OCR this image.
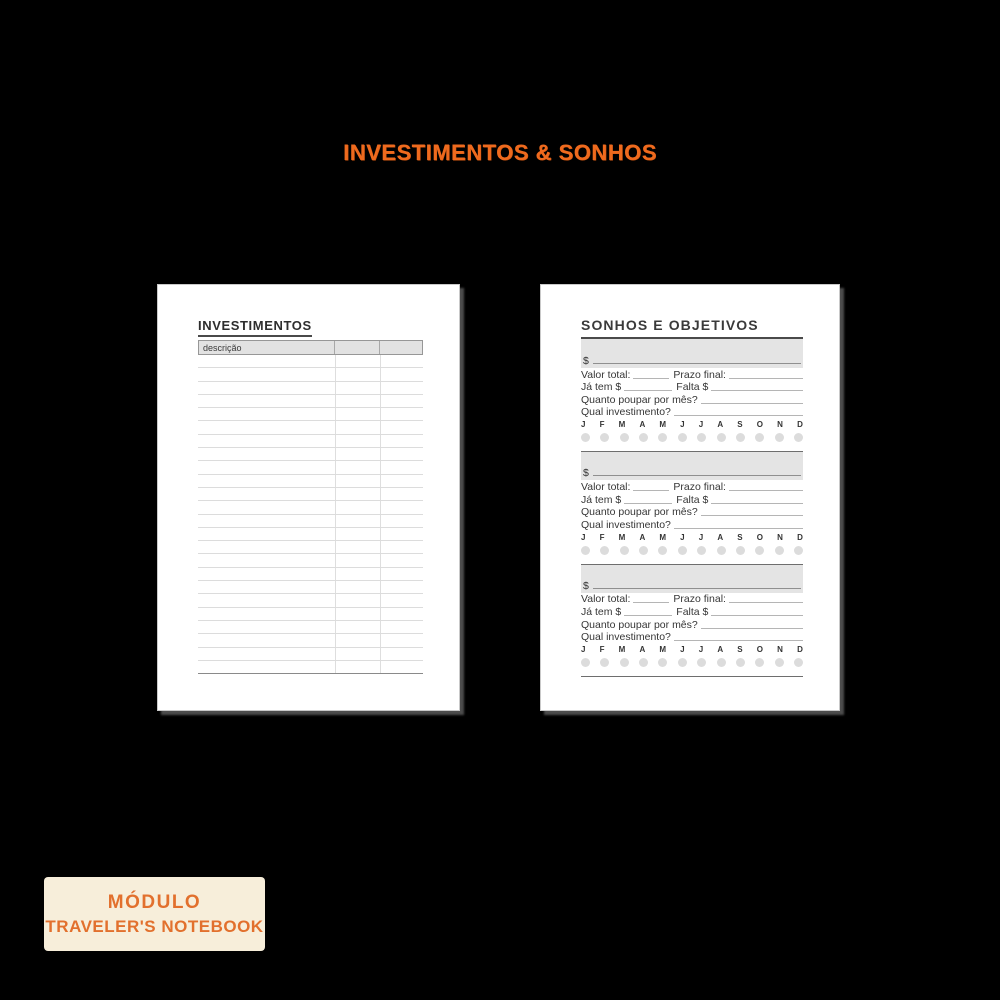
INVESTIMENTOS & SONHOS
INVESTIMENTOS
descrição
SONHOS E OBJETIVOS
$
Valor total:	Prazo final:
Já tem $	Falta $
Quanto poupar por mês?
Qual investimento?
J F M A M J J A S O N D
$
Valor total:	Prazo final:
Já tem $	Falta $
Quanto poupar por mês?
Qual investimento?
J F M A M J J A S O N D
$
Valor total:	Prazo final:
Já tem $	Falta $
Quanto poupar por mês?
Qual investimento?
J F M A M J J A S O N D
MÓDULO
TRAVELER'S NOTEBOOK
